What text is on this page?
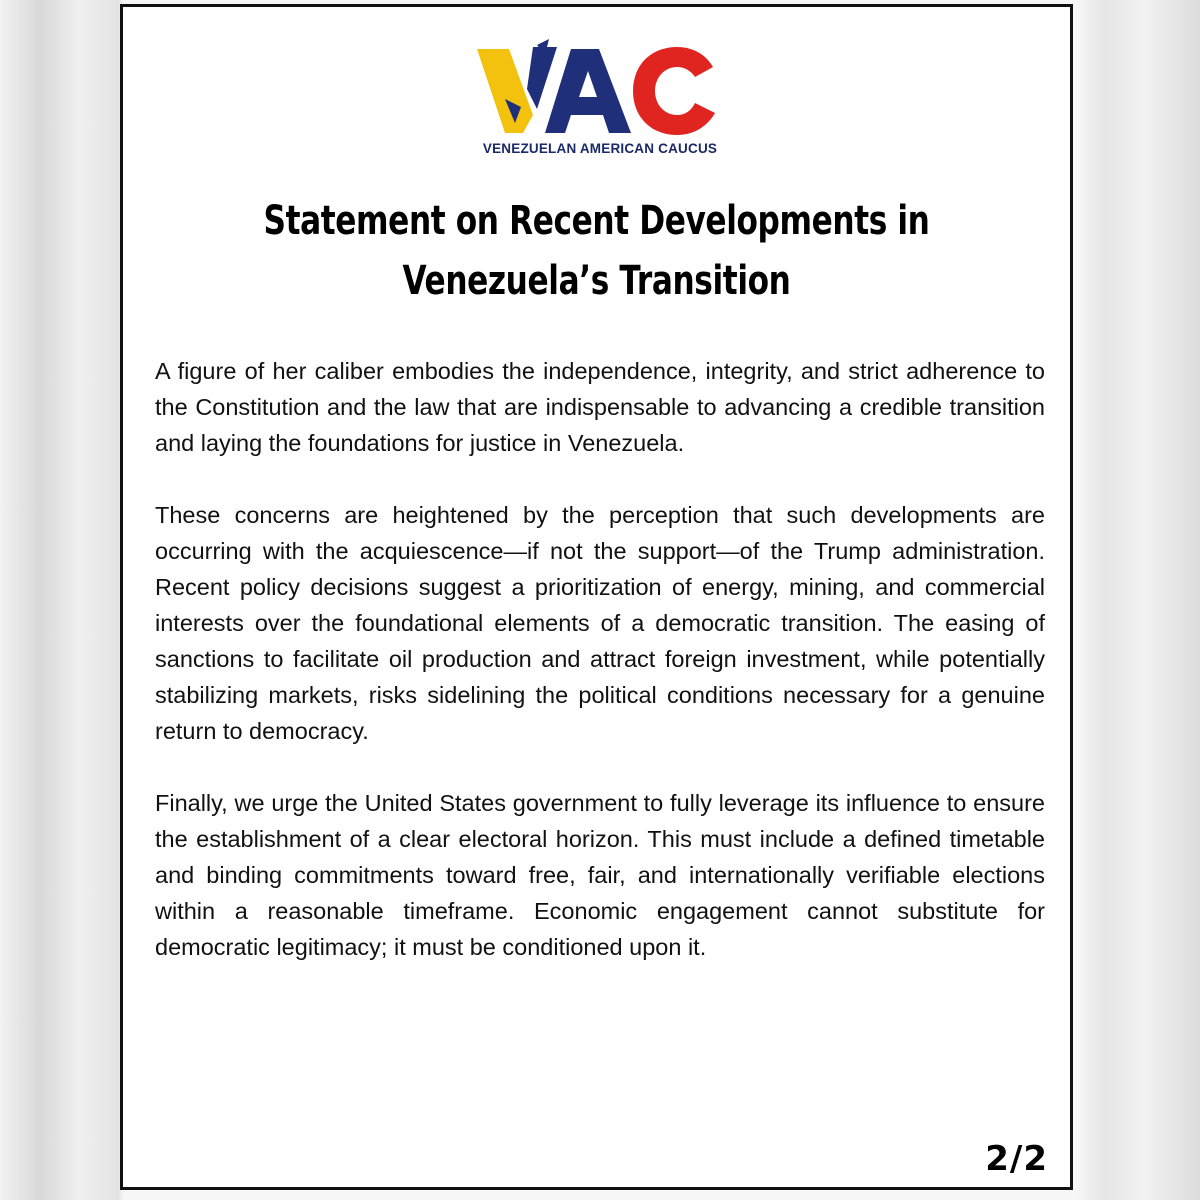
VENEZUELAN AMERICAN CAUCUS
Statement on Recent Developments in Venezuela’s Transition

A figure of her caliber embodies the independence, integrity, and strict adherence to the Constitution and the law that are indispensable to advancing a credible transition and laying the foundations for justice in Venezuela.

These concerns are heightened by the perception that such developments are occurring with the acquiescence—if not the support—of the Trump administration. Recent policy decisions suggest a prioritization of energy, mining, and commercial interests over the foundational elements of a democratic transition. The easing of sanctions to facilitate oil production and attract foreign investment, while potentially stabilizing markets, risks sidelining the political conditions necessary for a genuine return to democracy.

Finally, we urge the United States government to fully leverage its influence to ensure the establishment of a clear electoral horizon. This must include a defined timetable and binding commitments toward free, fair, and internationally verifiable elections within a reasonable timeframe. Economic engagement cannot substitute for democratic legitimacy; it must be conditioned upon it.

2/2
